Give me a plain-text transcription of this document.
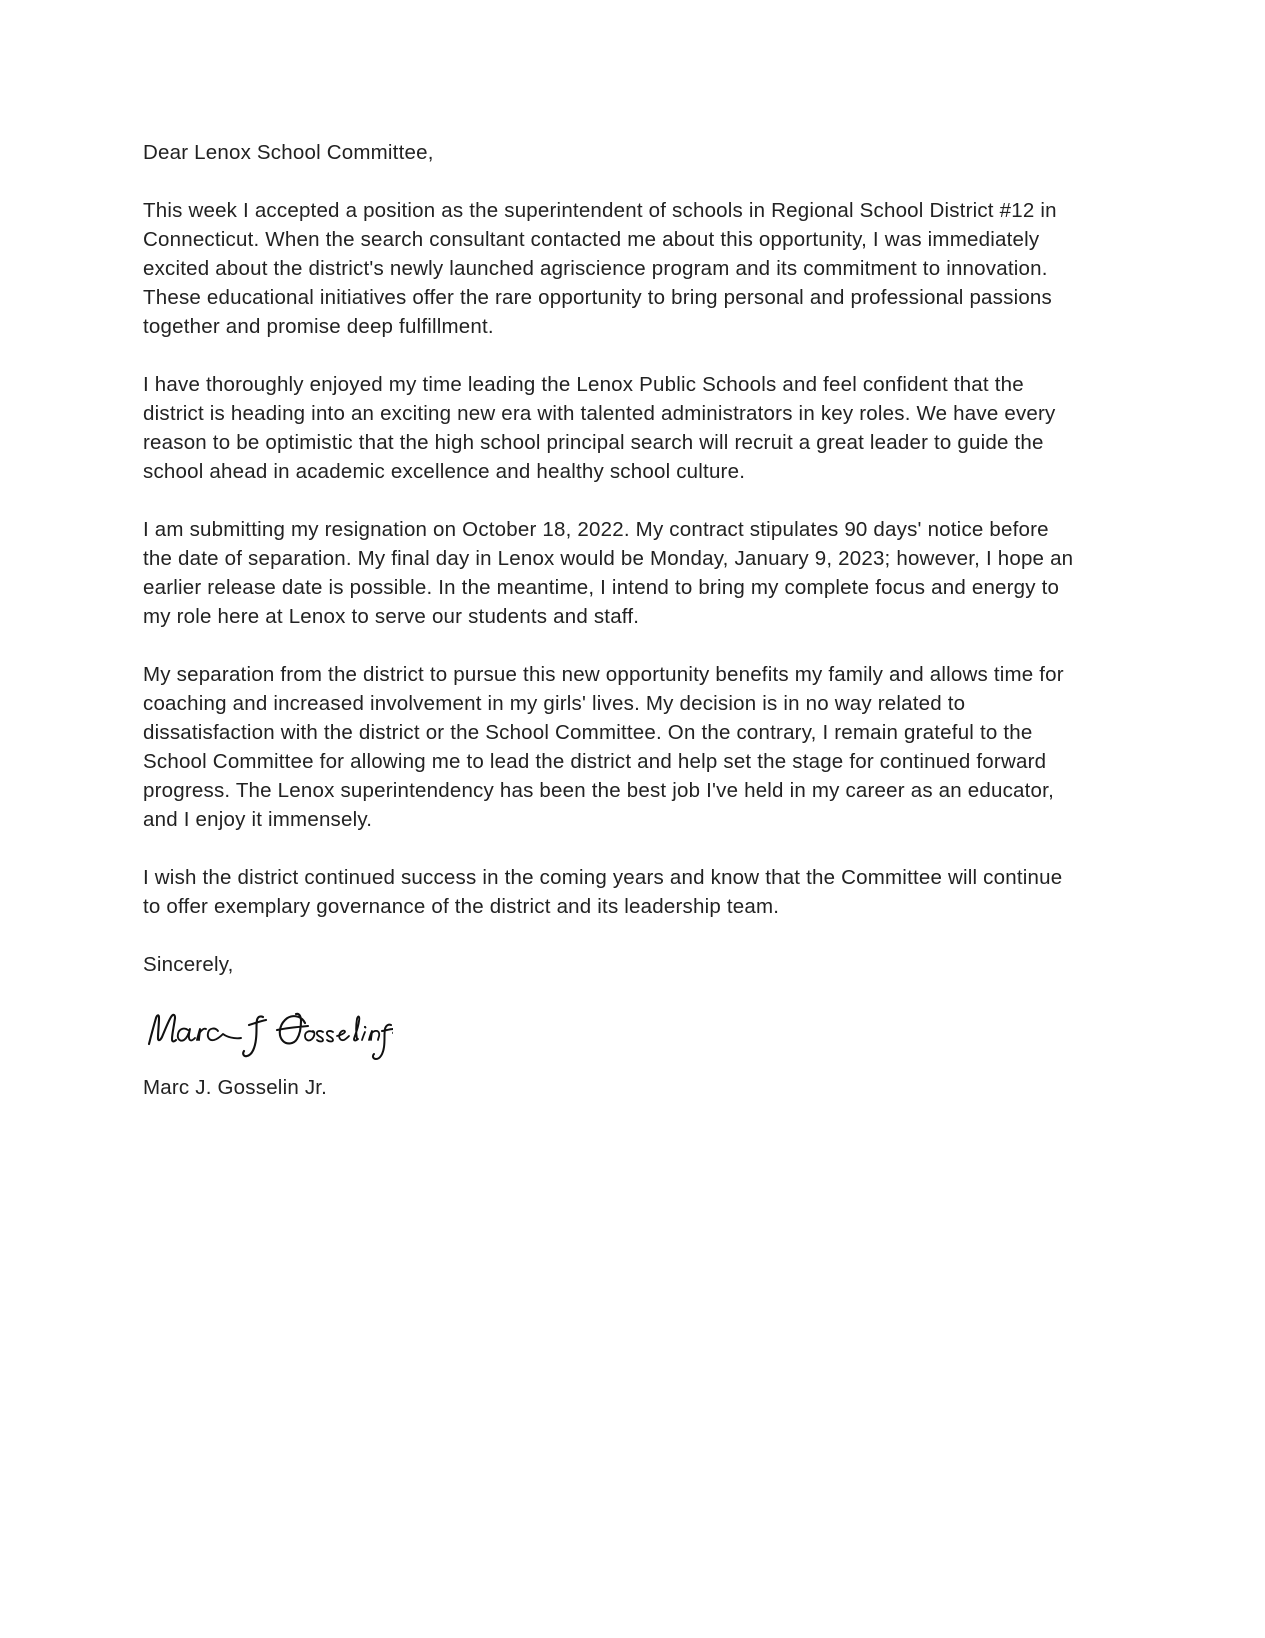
Dear Lenox School Committee,

This week I accepted a position as the superintendent of schools in Regional School District #12 in Connecticut. When the search consultant contacted me about this opportunity, I was immediately excited about the district's newly launched agriscience program and its commitment to innovation. These educational initiatives offer the rare opportunity to bring personal and professional passions together and promise deep fulfillment.

I have thoroughly enjoyed my time leading the Lenox Public Schools and feel confident that the district is heading into an exciting new era with talented administrators in key roles. We have every reason to be optimistic that the high school principal search will recruit a great leader to guide the school ahead in academic excellence and healthy school culture.

I am submitting my resignation on October 18, 2022. My contract stipulates 90 days' notice before the date of separation. My final day in Lenox would be Monday, January 9, 2023; however, I hope an earlier release date is possible. In the meantime, I intend to bring my complete focus and energy to my role here at Lenox to serve our students and staff.

My separation from the district to pursue this new opportunity benefits my family and allows time for coaching and increased involvement in my girls' lives. My decision is in no way related to dissatisfaction with the district or the School Committee. On the contrary, I remain grateful to the School Committee for allowing me to lead the district and help set the stage for continued forward progress. The Lenox superintendency has been the best job I've held in my career as an educator, and I enjoy it immensely.

I wish the district continued success in the coming years and know that the Committee will continue to offer exemplary governance of the district and its leadership team.

Sincerely,

Marc J. Gosselin Jr.
